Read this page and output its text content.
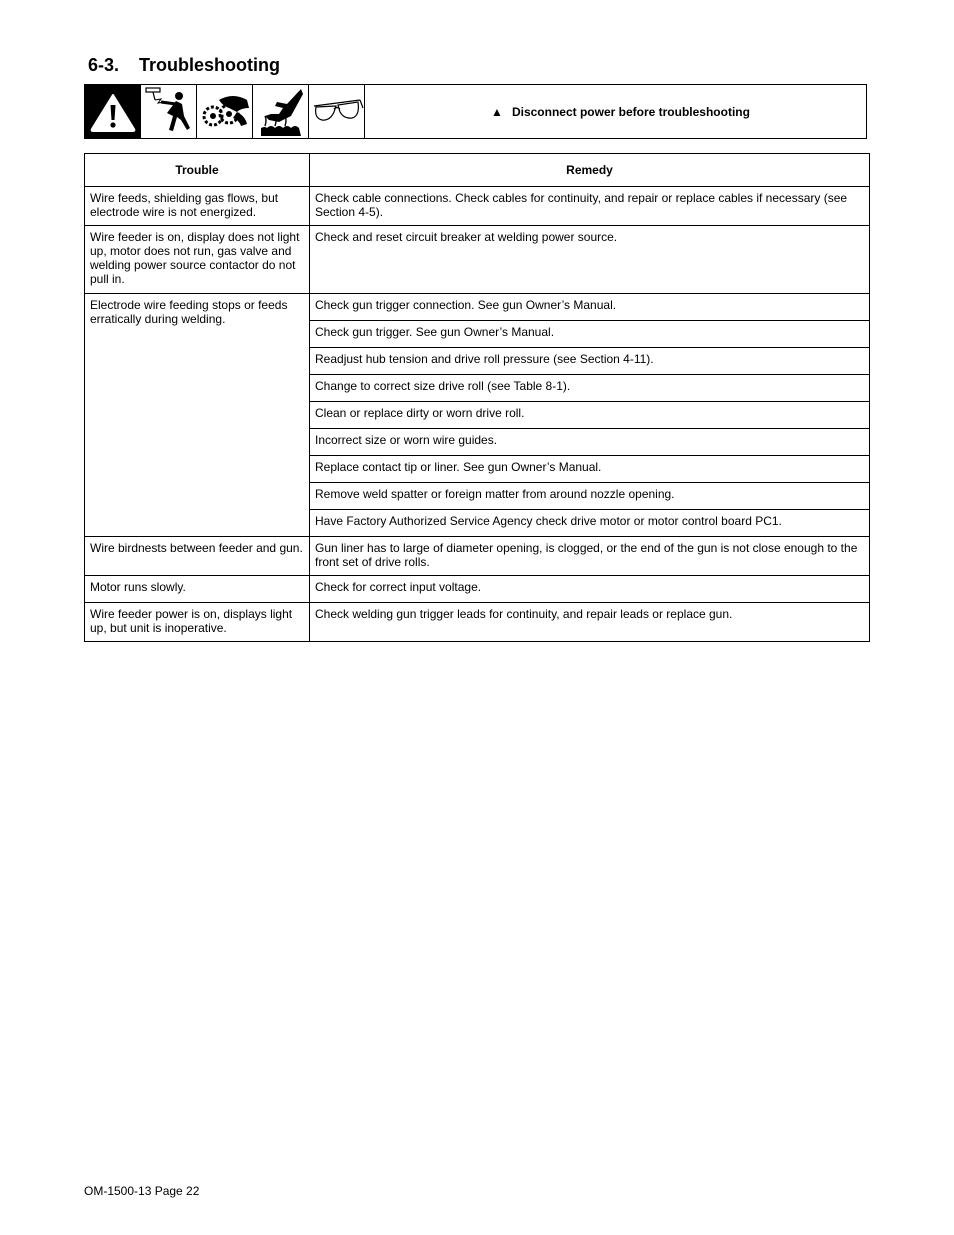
6-3. Troubleshooting
▲ Disconnect power before troubleshooting
Trouble	Remedy
Wire feeds, shielding gas flows, but electrode wire is not energized.	Check cable connections. Check cables for continuity, and repair or replace cables if necessary (see Section 4-5).
Wire feeder is on, display does not light up, motor does not run, gas valve and welding power source contactor do not pull in.	Check and reset circuit breaker at welding power source.
Electrode wire feeding stops or feeds erratically during welding.	Check gun trigger connection. See gun Owner’s Manual.
	Check gun trigger. See gun Owner’s Manual.
	Readjust hub tension and drive roll pressure (see Section 4-11).
	Change to correct size drive roll (see Table 8-1).
	Clean or replace dirty or worn drive roll.
	Incorrect size or worn wire guides.
	Replace contact tip or liner. See gun Owner’s Manual.
	Remove weld spatter or foreign matter from around nozzle opening.
	Have Factory Authorized Service Agency check drive motor or motor control board PC1.
Wire birdnests between feeder and gun.	Gun liner has to large of diameter opening, is clogged, or the end of the gun is not close enough to the front set of drive rolls.
Motor runs slowly.	Check for correct input voltage.
Wire feeder power is on, displays light up, but unit is inoperative.	Check welding gun trigger leads for continuity, and repair leads or replace gun.
OM-1500-13 Page 22
